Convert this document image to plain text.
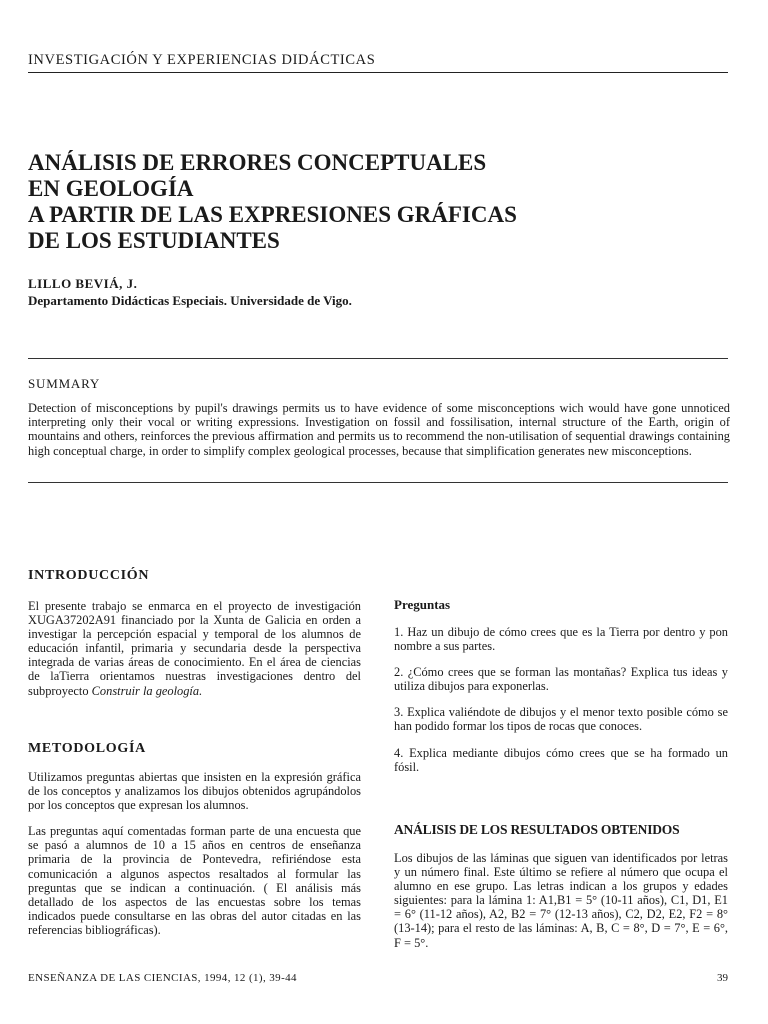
INVESTIGACIÓN Y EXPERIENCIAS DIDÁCTICAS
ANÁLISIS DE ERRORES CONCEPTUALES
EN GEOLOGÍA
A PARTIR DE LAS EXPRESIONES GRÁFICAS
DE LOS ESTUDIANTES
LILLO BEVIÁ, J.
Departamento Didácticas Especiais. Universidade de Vigo.
SUMMARY
Detection of misconceptions by pupil's drawings permits us to have evidence of some misconceptions wich would have gone unnoticed interpreting only their vocal or writing expressions. Investigation on fossil and fossilisation, internal structure of the Earth, origin of mountains and others, reinforces the previous affirmation and permits us to recommend the non-utilisation of sequential drawings containing high conceptual charge, in order to simplify complex geological processes, because that simplification generates new misconceptions.
INTRODUCCIÓN
El presente trabajo se enmarca en el proyecto de investigación XUGA37202A91 financiado por la Xunta de Galicia en orden a investigar la percepción espacial y temporal de los alumnos de educación infantil, primaria y secundaria desde la perspectiva integrada de varias áreas de conocimiento. En el área de ciencias de laTierra orientamos nuestras investigaciones dentro del subproyecto Construir la geología.
METODOLOGÍA

Utilizamos preguntas abiertas que insisten en la expresión gráfica de los conceptos y analizamos los dibujos obtenidos agrupándolos por los conceptos que expresan los alumnos.

Las preguntas aquí comentadas forman parte de una encuesta que se pasó a alumnos de 10 a 15 años en centros de enseñanza primaria de la provincia de Pontevedra, refiriéndose esta comunicación a algunos aspectos resaltados al formular las preguntas que se indican a continuación. ( El análisis más detallado de los aspectos de las encuestas sobre los temas indicados puede consultarse en las obras del autor citadas en las referencias bibliográficas).

Preguntas

1. Haz un dibujo de cómo crees que es la Tierra por dentro y pon nombre a sus partes.

2. ¿Cómo crees que se forman las montañas? Explica tus ideas y utiliza dibujos para exponerlas.

3. Explica valiéndote de dibujos y el menor texto posible cómo se han podido formar los tipos de rocas que conoces.

4. Explica mediante dibujos cómo crees que se ha formado un fósil.

ANÁLISIS DE LOS RESULTADOS OBTENIDOS
Los dibujos de las láminas que siguen van identificados por letras y un número final. Este último se refiere al número que ocupa el alumno en ese grupo. Las letras indican a los grupos y edades siguientes: para la lámina 1: A1,B1 = 5° (10-11 años), C1, D1, E1 = 6° (11-12 años), A2, B2 = 7° (12-13 años), C2, D2, E2, F2 = 8° (13-14); para el resto de las láminas: A, B, C = 8°, D = 7°, E = 6°, F = 5°.
ENSEÑANZA DE LAS CIENCIAS, 1994, 12 (1), 39-44	39
